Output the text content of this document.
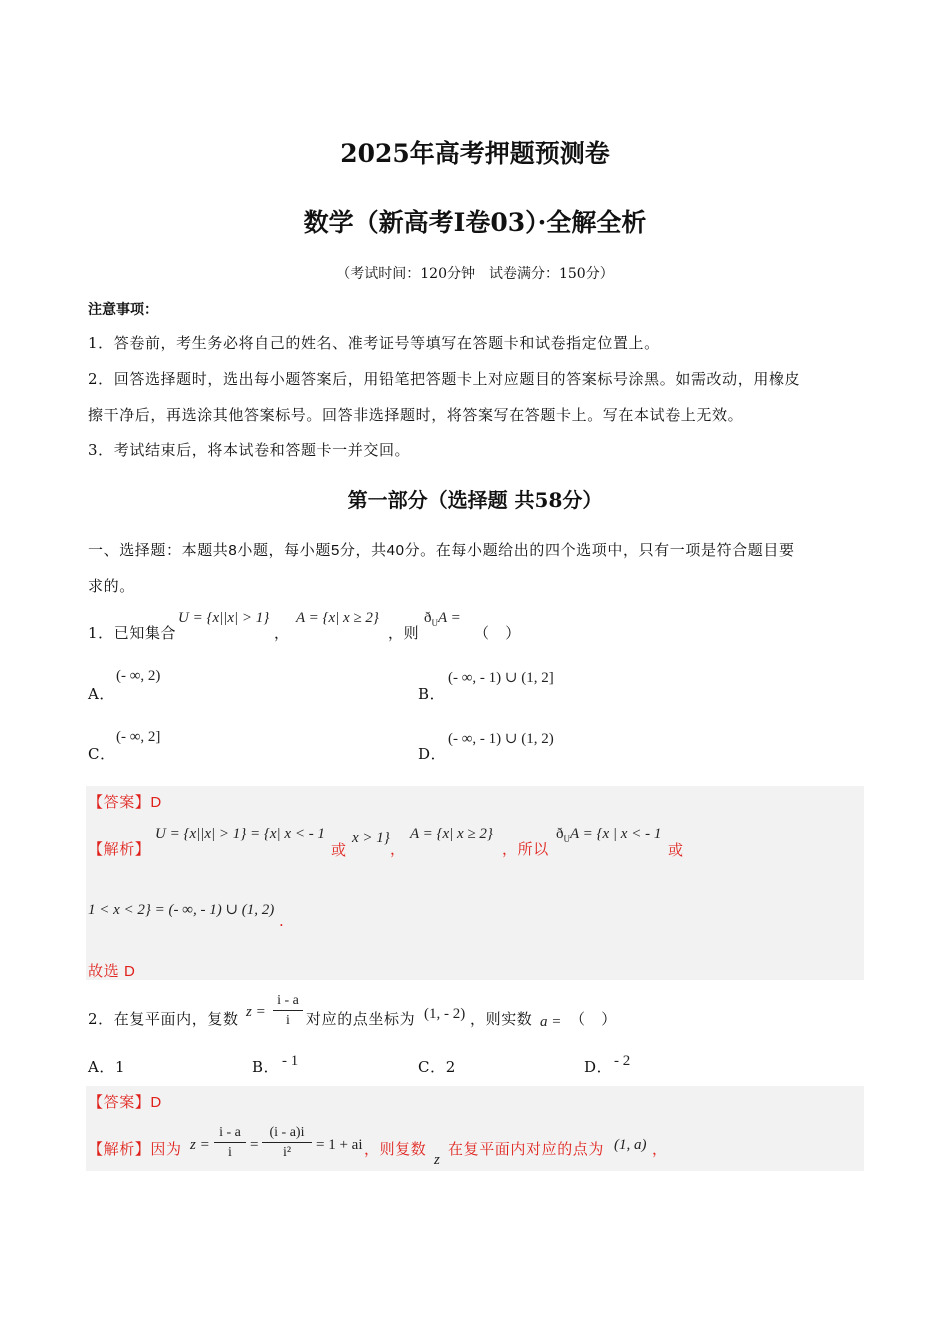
2025年高考押题预测卷
数学（新高考Ⅰ卷03）·全解全析
（考试时间：120分钟　试卷满分：150分）
注意事项：
1．答卷前，考生务必将自己的姓名、准考证号等填写在答题卡和试卷指定位置上。
2．回答选择题时，选出每小题答案后，用铅笔把答题卡上对应题目的答案标号涂黑。如需改动，用橡皮
擦干净后，再选涂其他答案标号。回答非选择题时，将答案写在答题卡上。写在本试卷上无效。
3．考试结束后，将本试卷和答题卡一并交回。
第一部分（选择题 共58分）
一、选择题：本题共8小题，每小题5分，共40分。在每小题给出的四个选项中，只有一项是符合题目要
求的。
1．已知集合
U = {x||x| > 1}
，
A = {x| x ≥ 2}
，则
$ð_UA$ =
（　）
A．
(- ∞, 2)
B．
(- ∞, - 1) ∪ (1, 2]
C．
(- ∞, 2]
D．
(- ∞, - 1) ∪ (1, 2)
【答案】D
【解析】
U = {x||x| > 1} = {x| x < - 1
或
x > 1}
，
A = {x| x ≥ 2}
，所以
$ð_UA = \{x$ | x < - 1
或
1 < x < 2} = (- ∞, - 1) ∪ (1, 2)
.
故选 D
2．在复平面内，复数 z =
i - a
i	对应的点坐标为 (1, - 2) ，则实数 a = （　）
A．1	B． - 1	C．2	D． - 2
【答案】D
【解析】因为 z =
i - a
i	=
(i - a)i
i²	= 1 + ai ，则复数
z
在复平面内对应的点为 (1, a) ，
